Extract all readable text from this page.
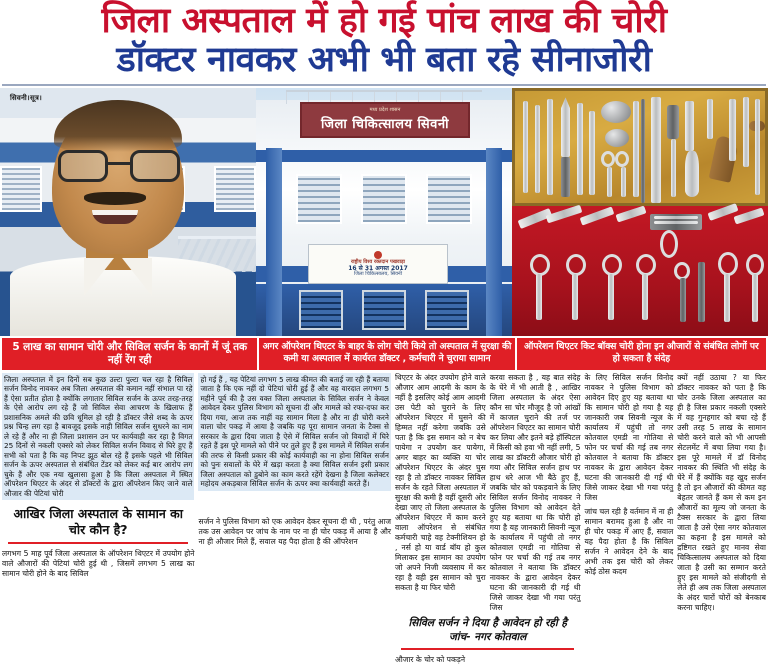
जिला अस्पताल में हो गई पांच लाख की चोरी
डॉक्टर नावकर अभी भी बता रहे सीनाजोरी
सिवनी।सूत्र।
मध्य प्रदेश शासन
जिला चिकित्सालय सिवनी
राष्ट्रीय विश्व रक्तदान पखवाड़ा
16 से 31 अगस्त 2017
जिला चिकित्सालय, सिवनी
5 लाख का सामान चोरी और सिविल सर्जन के कानों में जूं तक नहीं रेंग रही
अगर ऑपरेशन थिएटर के बाहर के लोग चोरी किये तो अस्पताल में सुरक्षा की कमी या अस्पताल में कार्यरत डॉक्टर , कर्मचारी ने चुराया सामान
ऑपरेशन थिएटर किट बॉक्स चोरी होना इन औजारों से संबंधित लोगों पर हो सकता है संदेह
जिला अस्पताल में इन दिनों सब कुछ उल्टा पुल्टा चल रहा है सिविल सर्जन विनोद नावकर अब जिला अस्पताल की कमान नहीं संभाल पा रहे हैं ऐसा प्रतीत होता है क्योंकि लगातार सिविल सर्जन के ऊपर तरह-तरह के ऐसे आरोप लग रहे हैं जो सिविल सेवा आचरण के खिलाफ हैं प्रशासनिक अमले की छवि धूमिल हो रही है डॉक्टर जैसे शब्द के ऊपर प्रश्न चिन्ह लग रहा है बावजूद इसके नाही सिविल सर्जन सुधरने का नाम ले रहे हैं और ना ही जिला प्रशासन उन पर कार्यवाही कर रहा है विगत 25 दिनों से नकली एक्सरे को लेकर सिविल सर्जन विवाद से घिरे हुए हैं सभी को पता है कि वह निपट झूठ बोल रहे हैं इसके पहले भी सिविल सर्जन के ऊपर अस्पताल से संबंधित टेंडर को लेकर कई बार आरोप लग चुके हैं और एक नया खुलासा हुआ है कि जिला अस्पताल में स्थित ऑपरेशन थिएटर के अंदर से डॉक्टरों के द्वारा ऑपरेशन किए जाने वाले औजार की पेटियां चोरी
आखिर जिला अस्पताल के सामान का चोर कौन है?
लगभग 5 माह पूर्व जिला अस्पताल के ऑपरेशन थिएटर में उपयोग होने वाले औजारों की पेटियां चोरी हुई थी , जिसमें लगभग 5 लाख का सामान चोरी होने के बाद सिविल
हो गई हैं , यह पेटियां लगभग 5 लाख कीमत की बताई जा रही हैं बताया जाता है कि एक नहीं दो पेटियां चोरी हुई हैं और वह वारदात लगभग 5 महीने पूर्व की है उस वक्त जिला अस्पताल के सिविल सर्जन ने केवल आवेदन देकर पुलिस विभाग को सूचना दी और मामले को रफा-दफा कर दिया गया, आज तक नाहीं वह सामान मिला है और ना ही चोरी करने वाला चोर पकड़ में आया है जबकि यह पूरा सामान जनता के टैक्स से सरकार के द्वारा दिया जाता है ऐसे में सिविल सर्जन जो विवादों में घिरे रहते हैं इस पूरे मामले को पीने पर तुले हुए हैं इस मामले में सिविल सर्जन की तरफ से किसी प्रकार की कोई कार्यवाही का ना होना सिविल सर्जन को पुनः सवालों के घेरे में खड़ा करता है क्या सिविल सर्जन इसी प्रकार जिला अस्पताल को डुबोने का काम करते रहेंगे देखना है जिला कलेक्टर महोदय अकड़बाज सिविल सर्जन के ऊपर क्या कार्यवाही करते हैं।
सर्जन ने पुलिस विभाग को एक आवेदन देकर सूचना दी थी , परंतु आज तक उस आवेदन पर जांच के नाम पर ना ही चोर पकड़ में आया है और ना ही औजार मिले हैं, सवाल यह पैदा होता है की ऑपरेशन
थिएटर के अंदर उपयोग होने वाले औजार आम आदमी के काम के नहीं है इसलिए कोई आम आदमी उस पेटी को चुराने के लिए ऑपरेशन थिएटर में घुसने की हिम्मत नहीं करेगा जबकि उसे पता है कि इस समान को न बेच पायेगा न उपयोग कर पायेगा, अगर बाहर का व्यक्ति या चोर ऑपरेशन थिएटर के अंदर घुस रहा है तो डॉक्टर नावकर सिविल सर्जन के रहते जिला अस्पताल में सुरक्षा की कमी है वहीं दूसरी ओर देखा जाए तो जिला अस्पताल के ऑपरेशन थिएटर में काम करने वाला ऑपरेशन से संबंधित कर्मचारी चाहे वह टेक्नीशियन हो , नर्स हो या वार्ड बॉय हो कुल मिलाकर इस सामान का उपयोग जो अपने निजी व्यवसाय में कर रहा है वही इस सामान को चुरा सकता है या फिर चोरी
करवा सकता है , यह बात संदेह के घेरे में भी आती है , आखिर जिला अस्पताल के अंदर ऐसा कौन सा चोर मौजूद है जो आंखों में काजल चुराने की तर्ज पर ऑपरेशन थिएटर का सामान चोरी कर लिया और इतने बड़े हॉस्पिटल में किसी को हवा भी नहीं लगी, 5 लाख का डॉक्टरी औजार चोरी हो गया और सिविल सर्जन हाथ पर हाथ धरे आज भी बैठे हुए हैं, जबकि चोर को पकड़वाने के लिए सिविल सर्जन विनोद नावकर ने पुलिस विभाग को आवेदन देते हुए यह बताया था कि चोरी हो गया है यह जानकारी सिवनी न्यूज के कार्यालय में पहुंची तो नगर कोतवाल एमडी ना गोतिया से फोन पर चर्चा की गई तब नगर कोतवाल ने बताया कि डॉक्टर नावकर के द्वारा आवेदन देकर घटना की जानकारी दी गई थी जिसे जाकर देखा भी गया परंतु जिस
सिविल सर्जन ने दिया है आवेदन हो रही है जांच- नगर कोतवाल
औजार के चोर को पकड़ने
के लिए सिविल सर्जन विनोद नावकर ने पुलिस विभाग को आवेदन दिए हुए यह बताया था कि सामान चोरी हो गया है यह जानकारी जब सिवनी न्यूज के कार्यालय में पहुंची तो नगर कोतवाल एमडी ना गोतिया से फोन पर चर्चा की गई तब नगर कोतवाल ने बताया कि डॉक्टर नावकर के द्वारा आवेदन देकर घटना की जानकारी दी गई थी जिसे जाकर देखा भी गया परंतु जिस
जांच चल रही है वर्तमान में ना ही सामान बरामद हुआ है और ना ही चोर पकड़ में आए हैं, सवाल यह पैदा होता है कि सिविल सर्जन ने आवेदन देने के बाद अभी तक इस चोरी को लेकर कोई ठोस कदम
क्यों नहीं उठाया ? या फिर डॉक्टर नावकर को पता है कि चोर उनके जिला अस्पताल का ही है जिस प्रकार नकली एक्सरे में वह गुनहगार को बचा रहे हैं उसी तरह 5 लाख के सामान चोरी करने वाले को भी आपसी सेटलमेंट में बचा लिया गया है। इस पूरे मामले में डॉ विनोद नावकर की स्थिति भी संदेह के घेरे में हैं क्योंकि वह खुद सर्जन है तो इन औजारों की कीमत वह बेहतर जानते हैं कम से कम इन औजारों का मूल्य जो जनता के टैक्स सरकार के द्वारा लिया जाता है उसे ऐसा नगर कोतवाल का कहना है इस मामले को द्रष्टिगत रखते हुए मानव सेवा चिकित्सालय अस्पताल को दिया जाता है उसी का सम्मान करते हुए इस मामले को संजीदगी से लेते ही अब तक जिला अस्पताल के अंदर चारों चोरों को बेनकाब करना चाहिए।
